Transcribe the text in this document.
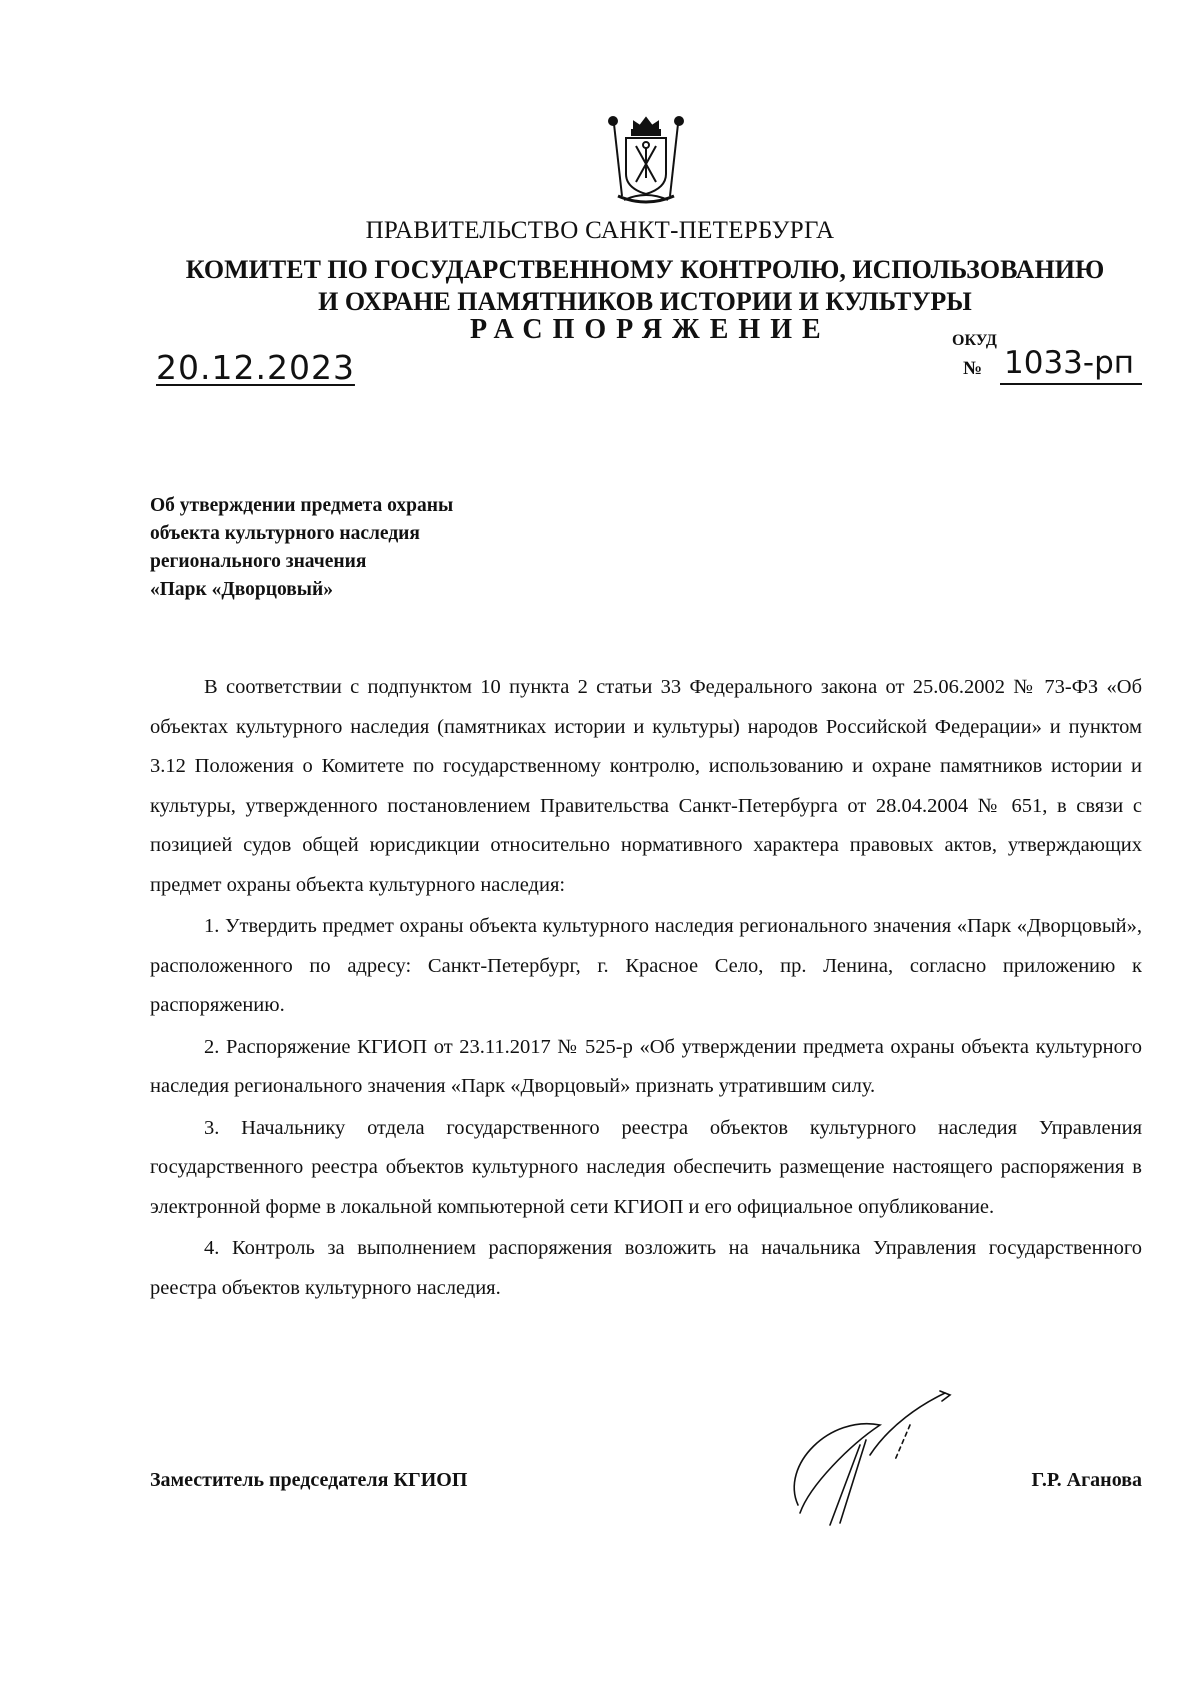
ПРАВИТЕЛЬСТВО САНКТ-ПЕТЕРБУРГА
КОМИТЕТ ПО ГОСУДАРСТВЕННОМУ КОНТРОЛЮ, ИСПОЛЬЗОВАНИЮ
И ОХРАНЕ ПАМЯТНИКОВ ИСТОРИИ И КУЛЬТУРЫ
РАСПОРЯЖЕНИЕ	ОКУД
20.12.2023	№ 1033-рп
Об утверждении предмета охраны
объекта культурного наследия
регионального значения
«Парк «Дворцовый»

В соответствии с подпунктом 10 пункта 2 статьи 33 Федерального закона от 25.06.2002 № 73-ФЗ «Об объектах культурного наследия (памятниках истории и культуры) народов Российской Федерации» и пунктом 3.12 Положения о Комитете по государственному контролю, использованию и охране памятников истории и культуры, утвержденного постановлением Правительства Санкт-Петербурга от 28.04.2004 № 651, в связи с позицией судов общей юрисдикции относительно нормативного характера правовых актов, утверждающих предмет охраны объекта культурного наследия:

1. Утвердить предмет охраны объекта культурного наследия регионального значения «Парк «Дворцовый», расположенного по адресу: Санкт-Петербург, г. Красное Село, пр. Ленина, согласно приложению к распоряжению.

2. Распоряжение КГИОП от 23.11.2017 № 525-р «Об утверждении предмета охраны объекта культурного наследия регионального значения «Парк «Дворцовый» признать утратившим силу.

3. Начальнику отдела государственного реестра объектов культурного наследия Управления государственного реестра объектов культурного наследия обеспечить размещение настоящего распоряжения в электронной форме в локальной компьютерной сети КГИОП и его официальное опубликование.

4. Контроль за выполнением распоряжения возложить на начальника Управления государственного реестра объектов культурного наследия.

Заместитель председателя КГИОП	Г.Р. Аганова
